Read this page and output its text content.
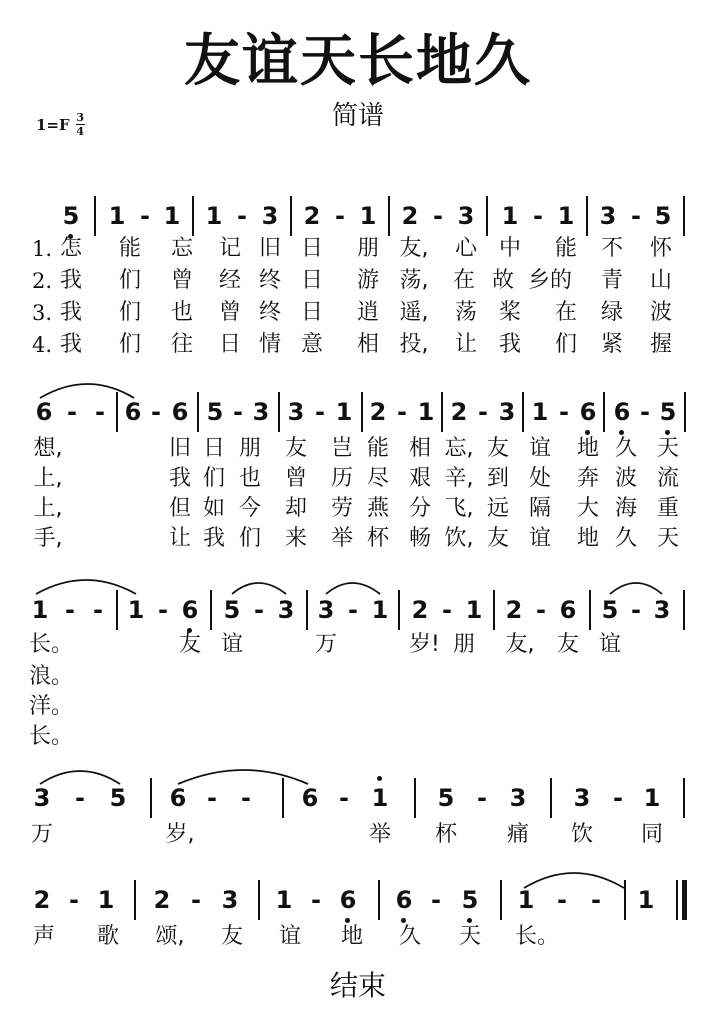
友谊天长地久
简谱
1=F 3
4
5 1 - 1 1 - 3 2 - 1 2 - 3 1 - 1 3 - 5
1. 怎 能 忘 记 旧 日 朋 友, 心 中 能 不 怀
2. 我 们 曾 经 终 日 游 荡, 在 故 乡的 青 山
3. 我 们 也 曾 终 日 逍 遥, 荡 桨 在 绿 波
4. 我 们 往 日 情 意 相 投, 让 我 们 紧 握
6 - - 6 - 6 5 - 3 3 - 1 2 - 1 2 - 3 1 - 6 6 - 5
想,	旧 日 朋 友 岂 能 相 忘, 友 谊 地 久 天
上,	我 们 也 曾 历 尽 艰 辛, 到 处 奔 波 流
上,	但 如 今 却 劳 燕 分 飞, 远 隔 大 海 重
手,	让 我 们 来 举 杯 畅 饮, 友 谊 地 久 天
1 - - 1 - 6 5 - 3 3 - 1 2 - 1 2 - 6 5 - 3
长。	友 谊	万	岁! 朋 友, 友 谊
浪。
洋。
长。
3 - 5 6 - - 6 - 1 5 - 3 3 - 1
万	岁,	举 杯 痛 饮 同
2 - 1 2 - 3 1 - 6 6 - 5 1 - - 1
声 歌 颂, 友 谊 地 久 天 长。
结束
